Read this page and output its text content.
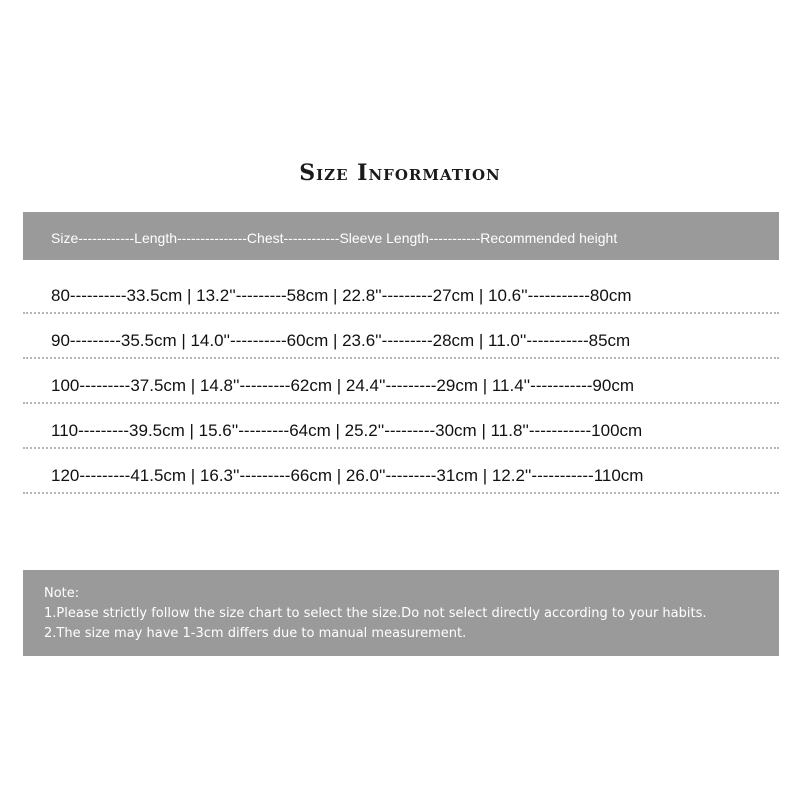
Size Information
Size------------Length---------------Chest------------Sleeve Length-----------Recommended height
80----------33.5cm | 13.2''---------58cm | 22.8''---------27cm | 10.6''-----------80cm
90---------35.5cm | 14.0''----------60cm | 23.6''---------28cm | 11.0''-----------85cm
100---------37.5cm | 14.8''---------62cm | 24.4''---------29cm | 11.4''-----------90cm
110---------39.5cm | 15.6''---------64cm | 25.2''---------30cm | 11.8''-----------100cm
120---------41.5cm | 16.3''---------66cm | 26.0''---------31cm | 12.2''-----------110cm
Note:
1.Please strictly follow the size chart to select the size.Do not select directly according to your habits.
2.The size may have 1-3cm differs due to manual measurement.
